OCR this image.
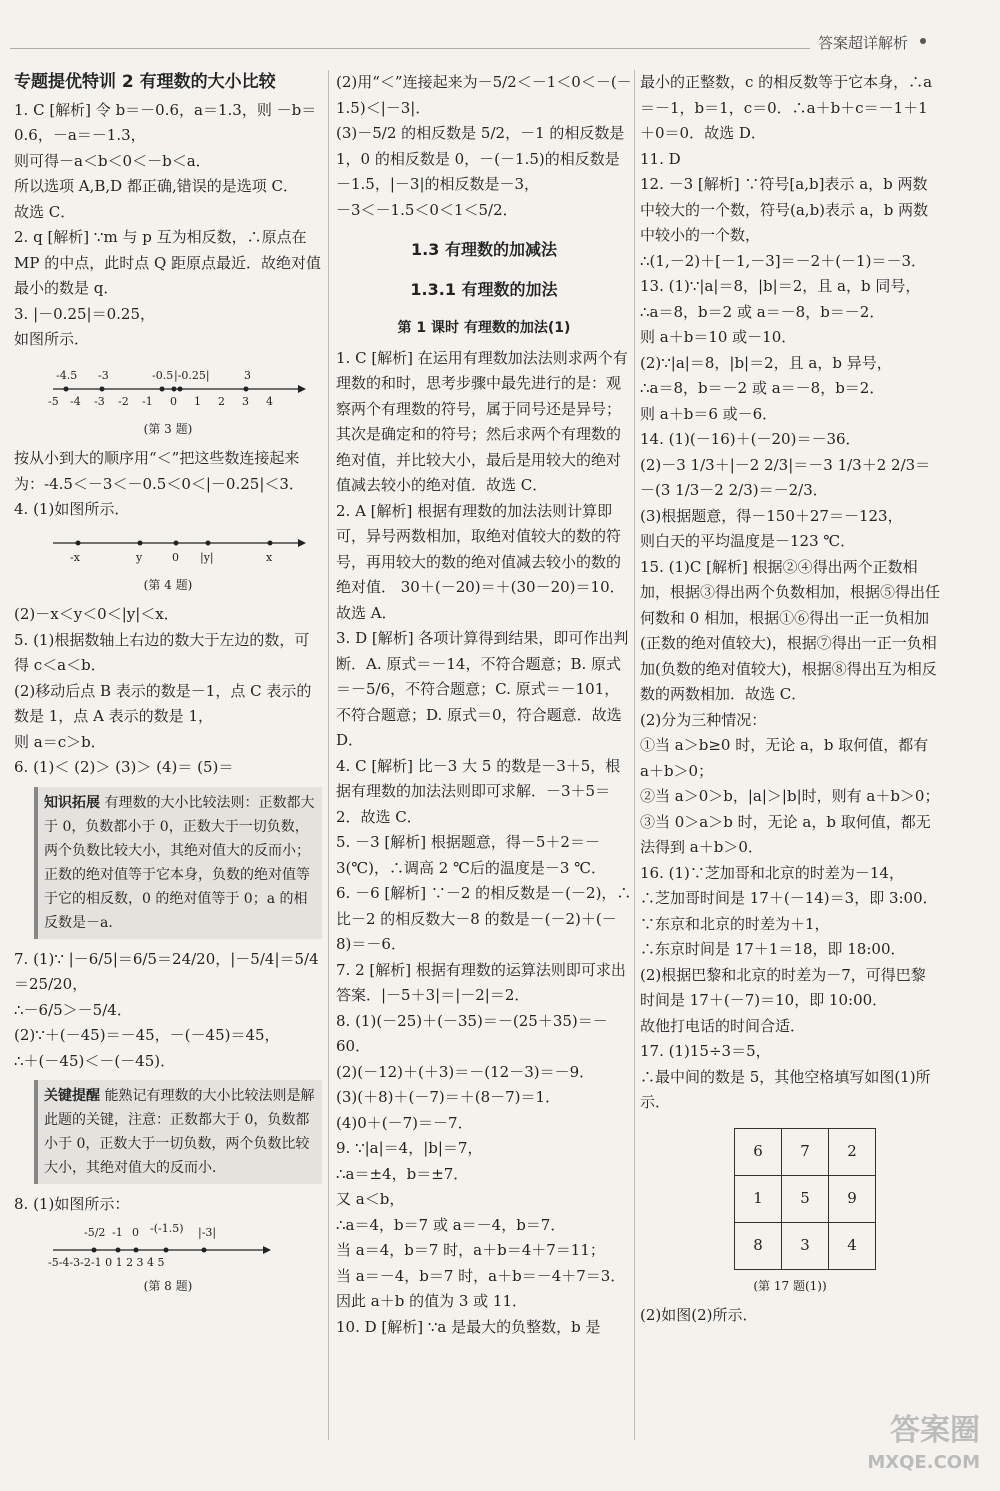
答案超详解析
专题提优特训 2 有理数的大小比较
1. C [解析] 令 b＝－0.6，a＝1.3，则 －b＝0.6，－a＝－1.3，
则可得－a＜b＜0＜－b＜a．
所以选项 A,B,D 都正确,错误的是选项 C．
故选 C．
2. q [解析] ∵m 与 p 互为相反数，∴原点在 MP 的中点，此时点 Q 距原点最近．故绝对值最小的数是 q．
3. |－0.25|＝0.25，
如图所示．
-5 -4 -3 -2 -1 0 1 2 3 4
-4.5 -3	-0.5 |-0.25|	3
(第 3 题)
按从小到大的顺序用“＜”把这些数连接起来为：-4.5＜－3＜－0.5＜0＜|－0.25|＜3．
4. (1)如图所示．
-x	y	0 |y|	x
(第 4 题)
(2)－x＜y＜0＜|y|＜x．
5. (1)根据数轴上右边的数大于左边的数，可得 c＜a＜b．
(2)移动后点 B 表示的数是－1，点 C 表示的数是 1，点 A 表示的数是 1，
则 a＝c＞b．
6. (1)＜ (2)＞ (3)＞ (4)＝ (5)＝
知识拓展 有理数的大小比较法则：正数都大于 0，负数都小于 0，正数大于一切负数，两个负数比较大小，其绝对值大的反而小；正数的绝对值等于它本身，负数的绝对值等于它的相反数，0 的绝对值等于 0；a 的相反数是－a．
7. (1)∵ |－6/5|＝6/5＝24/20，|－5/4|＝5/4＝25/20，
∴－6/5＞－5/4．
(2)∵＋(－45)＝－45，－(－45)＝45，
∴＋(－45)＜－(－45)．
关键提醒 能熟记有理数的大小比较法则是解此题的关键，注意：正数都大于 0，负数都小于 0，正数大于一切负数，两个负数比较大小，其绝对值大的反而小．
8. (1)如图所示：
-5-4-3-2-1 0 1 2 3 4 5
-5/2 -1 0 -(-1.5) |-3|
(第 8 题)
(2)用“＜”连接起来为－5/2＜－1＜0＜－(－1.5)＜|－3|．
(3)－5/2 的相反数是 5/2，－1 的相反数是 1，0 的相反数是 0，－(－1.5)的相反数是－1.5，|－3|的相反数是－3，
－3＜－1.5＜0＜1＜5/2．
1.3 有理数的加减法
1.3.1 有理数的加法
第 1 课时 有理数的加法(1)
1. C [解析] 在运用有理数加法法则求两个有理数的和时，思考步骤中最先进行的是：观察两个有理数的符号，属于同号还是异号；其次是确定和的符号；然后求两个有理数的绝对值，并比较大小，最后是用较大的绝对值减去较小的绝对值．故选 C．
2. A [解析] 根据有理数的加法法则计算即可，异号两数相加，取绝对值较大的数的符号，再用较大的数的绝对值减去较小的数的绝对值． 30＋(－20)＝＋(30－20)＝10．故选 A．
3. D [解析] 各项计算得到结果，即可作出判断．A. 原式＝－14，不符合题意；B. 原式＝－5/6，不符合题意；C. 原式＝－101，不符合题意；D. 原式＝0，符合题意．故选 D．
4. C [解析] 比－3 大 5 的数是－3＋5，根据有理数的加法法则即可求解．－3＋5＝2．故选 C．
5. －3 [解析] 根据题意，得－5＋2＝－3(℃)，∴调高 2 ℃后的温度是－3 ℃．
6. －6 [解析] ∵－2 的相反数是－(－2)，∴比－2 的相反数大－8 的数是－(－2)＋(－8)＝－6．
7. 2 [解析] 根据有理数的运算法则即可求出答案．|－5＋3|＝|－2|＝2．
8. (1)(－25)＋(－35)＝－(25＋35)＝－60．
(2)(－12)＋(＋3)＝－(12－3)＝－9．
(3)(＋8)＋(－7)＝＋(8－7)＝1．
(4)0＋(－7)＝－7．
9. ∵|a|＝4，|b|＝7，
∴a＝±4，b＝±7．
又 a＜b，
∴a＝4，b＝7 或 a＝－4，b＝7．
当 a＝4，b＝7 时，a＋b＝4＋7＝11；
当 a＝－4，b＝7 时，a＋b＝－4＋7＝3．
因此 a＋b 的值为 3 或 11．
10. D [解析] ∵a 是最大的负整数，b 是
最小的正整数，c 的相反数等于它本身，∴a＝－1，b＝1，c＝0．∴a＋b＋c＝－1＋1＋0＝0．故选 D．
11. D
12. －3 [解析] ∵符号[a,b]表示 a，b 两数中较大的一个数，符号(a,b)表示 a，b 两数中较小的一个数，
∴(1,－2)＋[－1,－3]＝－2＋(－1)＝－3．
13. (1)∵|a|＝8，|b|＝2，且 a，b 同号，
∴a＝8，b＝2 或 a＝－8，b＝－2．
则 a＋b＝10 或－10．
(2)∵|a|＝8，|b|＝2，且 a，b 异号，
∴a＝8，b＝－2 或 a＝－8，b＝2．
则 a＋b＝6 或－6．
14. (1)(－16)＋(－20)＝－36．
(2)－3 1/3＋|－2 2/3|＝－3 1/3＋2 2/3＝－(3 1/3－2 2/3)＝－2/3．
(3)根据题意，得－150＋27＝－123，
则白天的平均温度是－123 ℃．
15. (1)C [解析] 根据②④得出两个正数相加，根据③得出两个负数相加，根据⑤得出任何数和 0 相加，根据①⑥得出一正一负相加(正数的绝对值较大)，根据⑦得出一正一负相加(负数的绝对值较大)，根据⑧得出互为相反数的两数相加．故选 C．
(2)分为三种情况：
①当 a＞b≥0 时，无论 a，b 取何值，都有 a＋b＞0；
②当 a＞0＞b，|a|＞|b|时，则有 a＋b＞0；
③当 0＞a＞b 时，无论 a，b 取何值，都无法得到 a＋b＞0．
16. (1)∵芝加哥和北京的时差为－14，
∴芝加哥时间是 17＋(－14)＝3，即 3:00．
∵东京和北京的时差为＋1，
∴东京时间是 17＋1＝18，即 18:00．
(2)根据巴黎和北京的时差为－7，可得巴黎时间是 17＋(－7)＝10，即 10:00．
故他打电话的时间合适．
17. (1)15÷3＝5，
∴最中间的数是 5，其他空格填写如图(1)所示．
6	7	2
1	5	9
8	3	4
(第 17 题(1))
(2)如图(2)所示．
答案圈
MXQE.COM
